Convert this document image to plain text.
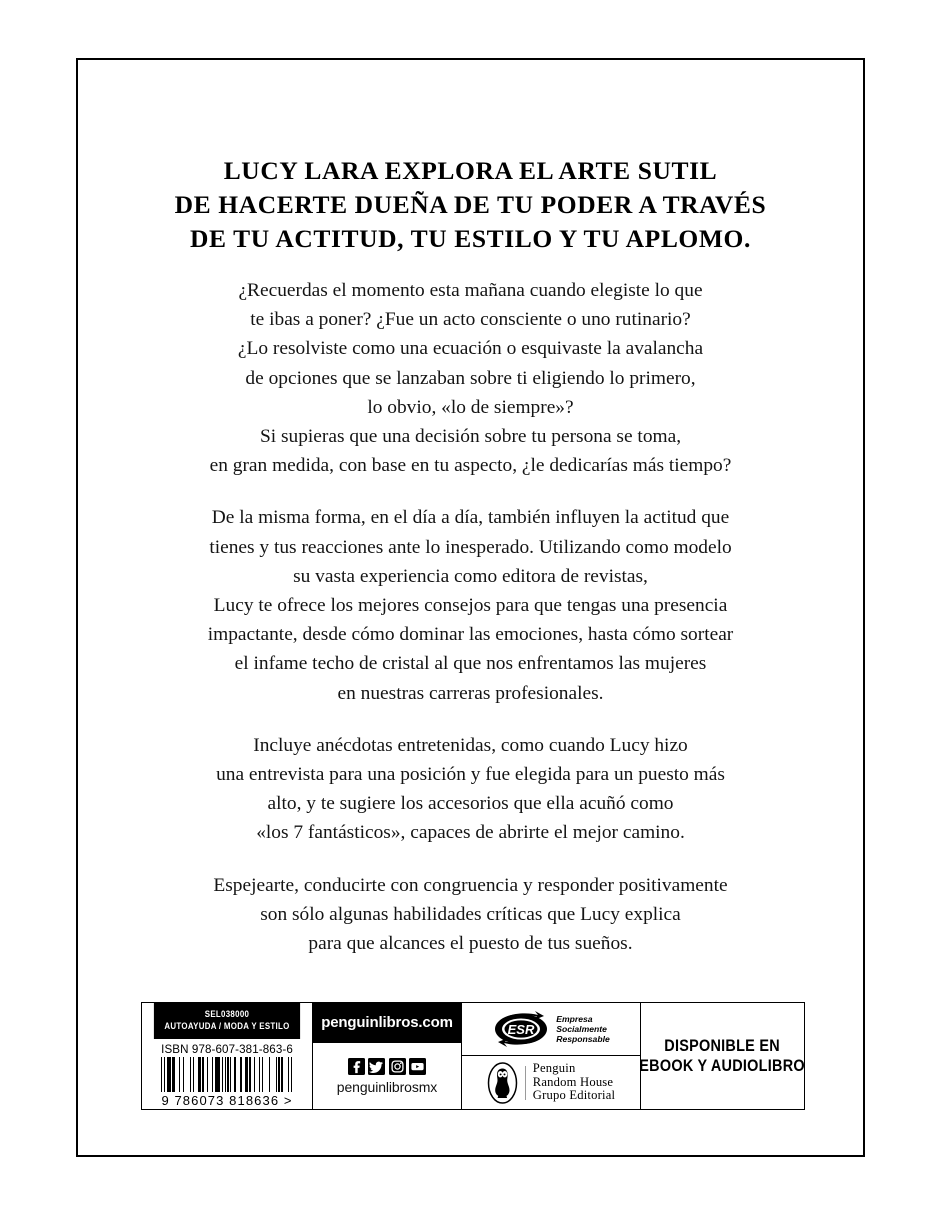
LUCY LARA EXPLORA EL ARTE SUTIL
DE HACERTE DUEÑA DE TU PODER A TRAVÉS
DE TU ACTITUD, TU ESTILO Y TU APLOMO.

¿Recuerdas el momento esta mañana cuando elegiste lo que
te ibas a poner? ¿Fue un acto consciente o uno rutinario?
¿Lo resolviste como una ecuación o esquivaste la avalancha
de opciones que se lanzaban sobre ti eligiendo lo primero,
lo obvio, «lo de siempre»?
Si supieras que una decisión sobre tu persona se toma,
en gran medida, con base en tu aspecto, ¿le dedicarías más tiempo?

De la misma forma, en el día a día, también influyen la actitud que
tienes y tus reacciones ante lo inesperado. Utilizando como modelo
su vasta experiencia como editora de revistas,
Lucy te ofrece los mejores consejos para que tengas una presencia
impactante, desde cómo dominar las emociones, hasta cómo sortear
el infame techo de cristal al que nos enfrentamos las mujeres
en nuestras carreras profesionales.

Incluye anécdotas entretenidas, como cuando Lucy hizo
una entrevista para una posición y fue elegida para un puesto más
alto, y te sugiere los accesorios que ella acuñó como
«los 7 fantásticos», capaces de abrirte el mejor camino.

Espejearte, conducirte con congruencia y responder positivamente
son sólo algunas habilidades críticas que Lucy explica
para que alcances el puesto de tus sueños.

SEL038000
AUTOAYUDA / MODA Y ESTILO
ISBN 978-607-381-863-6
9 786073 818636 >
penguinlibros.com
penguinlibrosmx
ESR
Empresa
Socialmente
Responsable
Penguin
Random House
Grupo Editorial
DISPONIBLE EN
EBOOK Y AUDIOLIBRO
